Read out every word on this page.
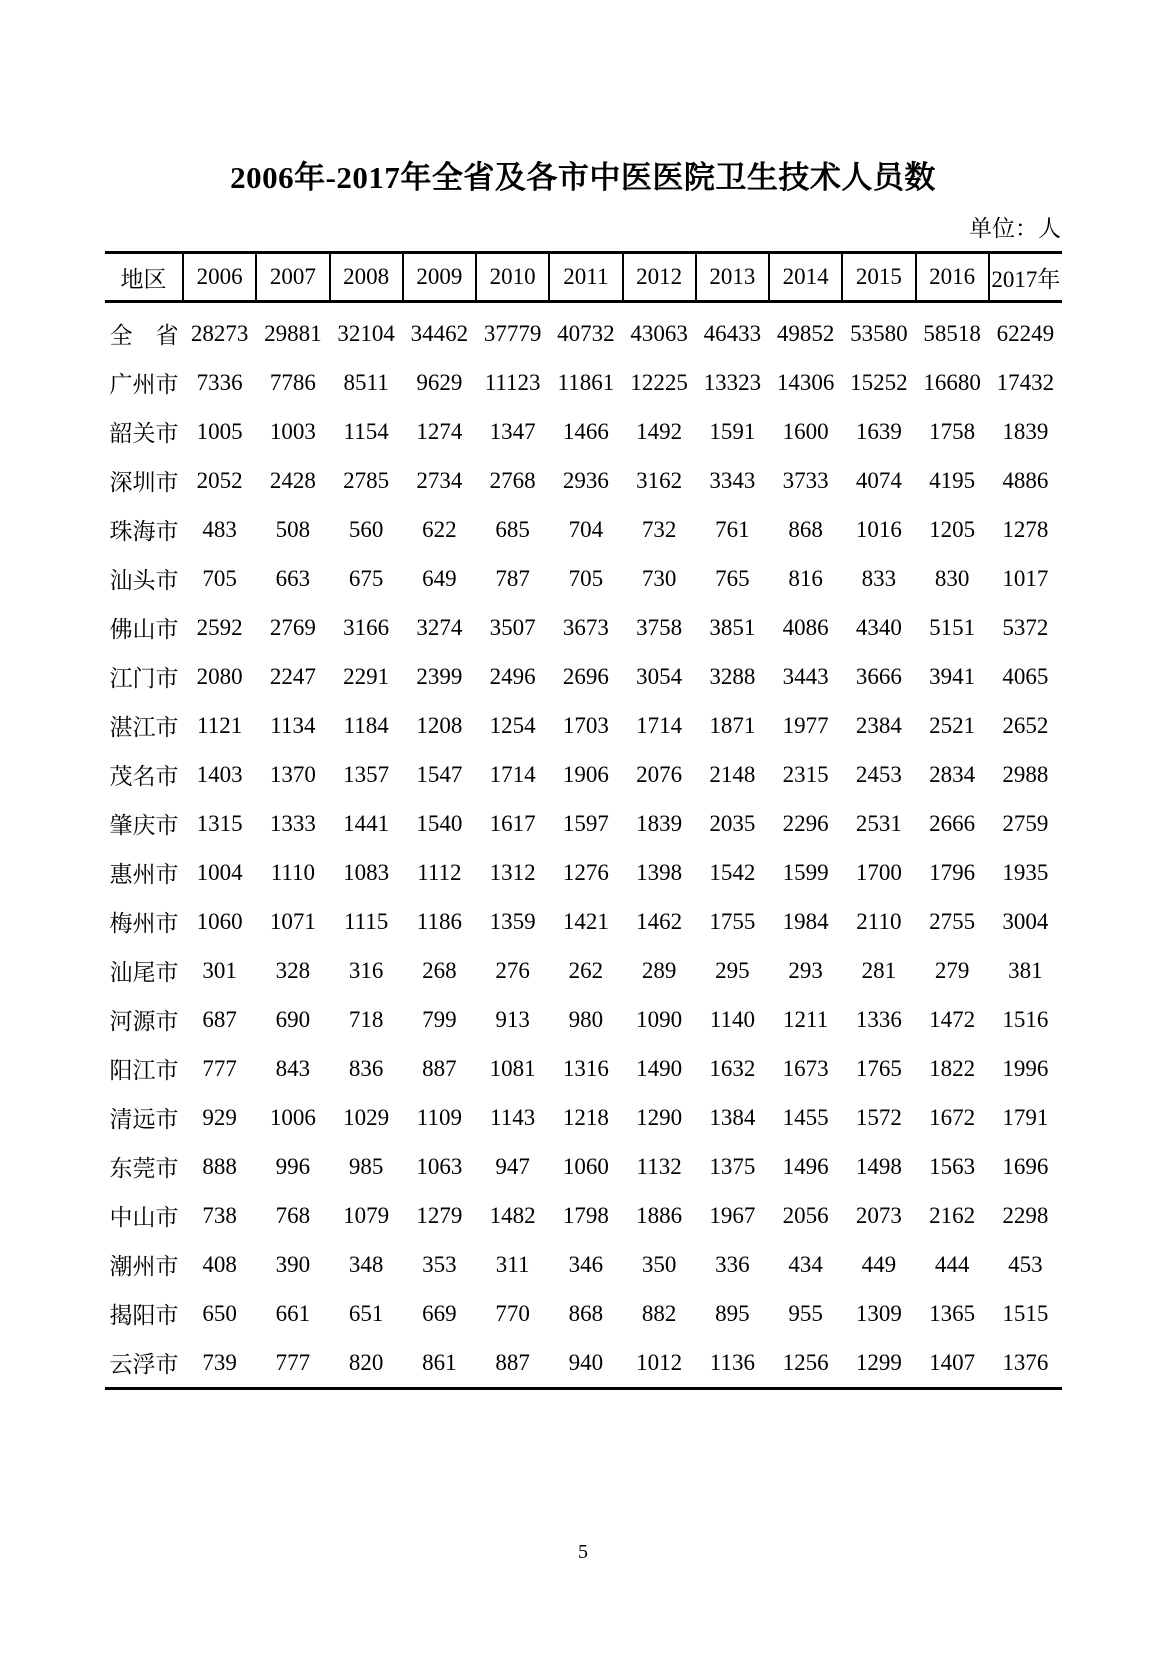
2006年-2017年全省及各市中医医院卫生技术人员数
单位：人
地区	2006	2007	2008	2009	2010	2011	2012	2013	2014	2015	2016	2017年
全　省	28273	29881	32104	34462	37779	40732	43063	46433	49852	53580	58518	62249
广州市	7336	7786	8511	9629	11123	11861	12225	13323	14306	15252	16680	17432
韶关市	1005	1003	1154	1274	1347	1466	1492	1591	1600	1639	1758	1839
深圳市	2052	2428	2785	2734	2768	2936	3162	3343	3733	4074	4195	4886
珠海市	483	508	560	622	685	704	732	761	868	1016	1205	1278
汕头市	705	663	675	649	787	705	730	765	816	833	830	1017
佛山市	2592	2769	3166	3274	3507	3673	3758	3851	4086	4340	5151	5372
江门市	2080	2247	2291	2399	2496	2696	3054	3288	3443	3666	3941	4065
湛江市	1121	1134	1184	1208	1254	1703	1714	1871	1977	2384	2521	2652
茂名市	1403	1370	1357	1547	1714	1906	2076	2148	2315	2453	2834	2988
肇庆市	1315	1333	1441	1540	1617	1597	1839	2035	2296	2531	2666	2759
惠州市	1004	1110	1083	1112	1312	1276	1398	1542	1599	1700	1796	1935
梅州市	1060	1071	1115	1186	1359	1421	1462	1755	1984	2110	2755	3004
汕尾市	301	328	316	268	276	262	289	295	293	281	279	381
河源市	687	690	718	799	913	980	1090	1140	1211	1336	1472	1516
阳江市	777	843	836	887	1081	1316	1490	1632	1673	1765	1822	1996
清远市	929	1006	1029	1109	1143	1218	1290	1384	1455	1572	1672	1791
东莞市	888	996	985	1063	947	1060	1132	1375	1496	1498	1563	1696
中山市	738	768	1079	1279	1482	1798	1886	1967	2056	2073	2162	2298
潮州市	408	390	348	353	311	346	350	336	434	449	444	453
揭阳市	650	661	651	669	770	868	882	895	955	1309	1365	1515
云浮市	739	777	820	861	887	940	1012	1136	1256	1299	1407	1376
5
